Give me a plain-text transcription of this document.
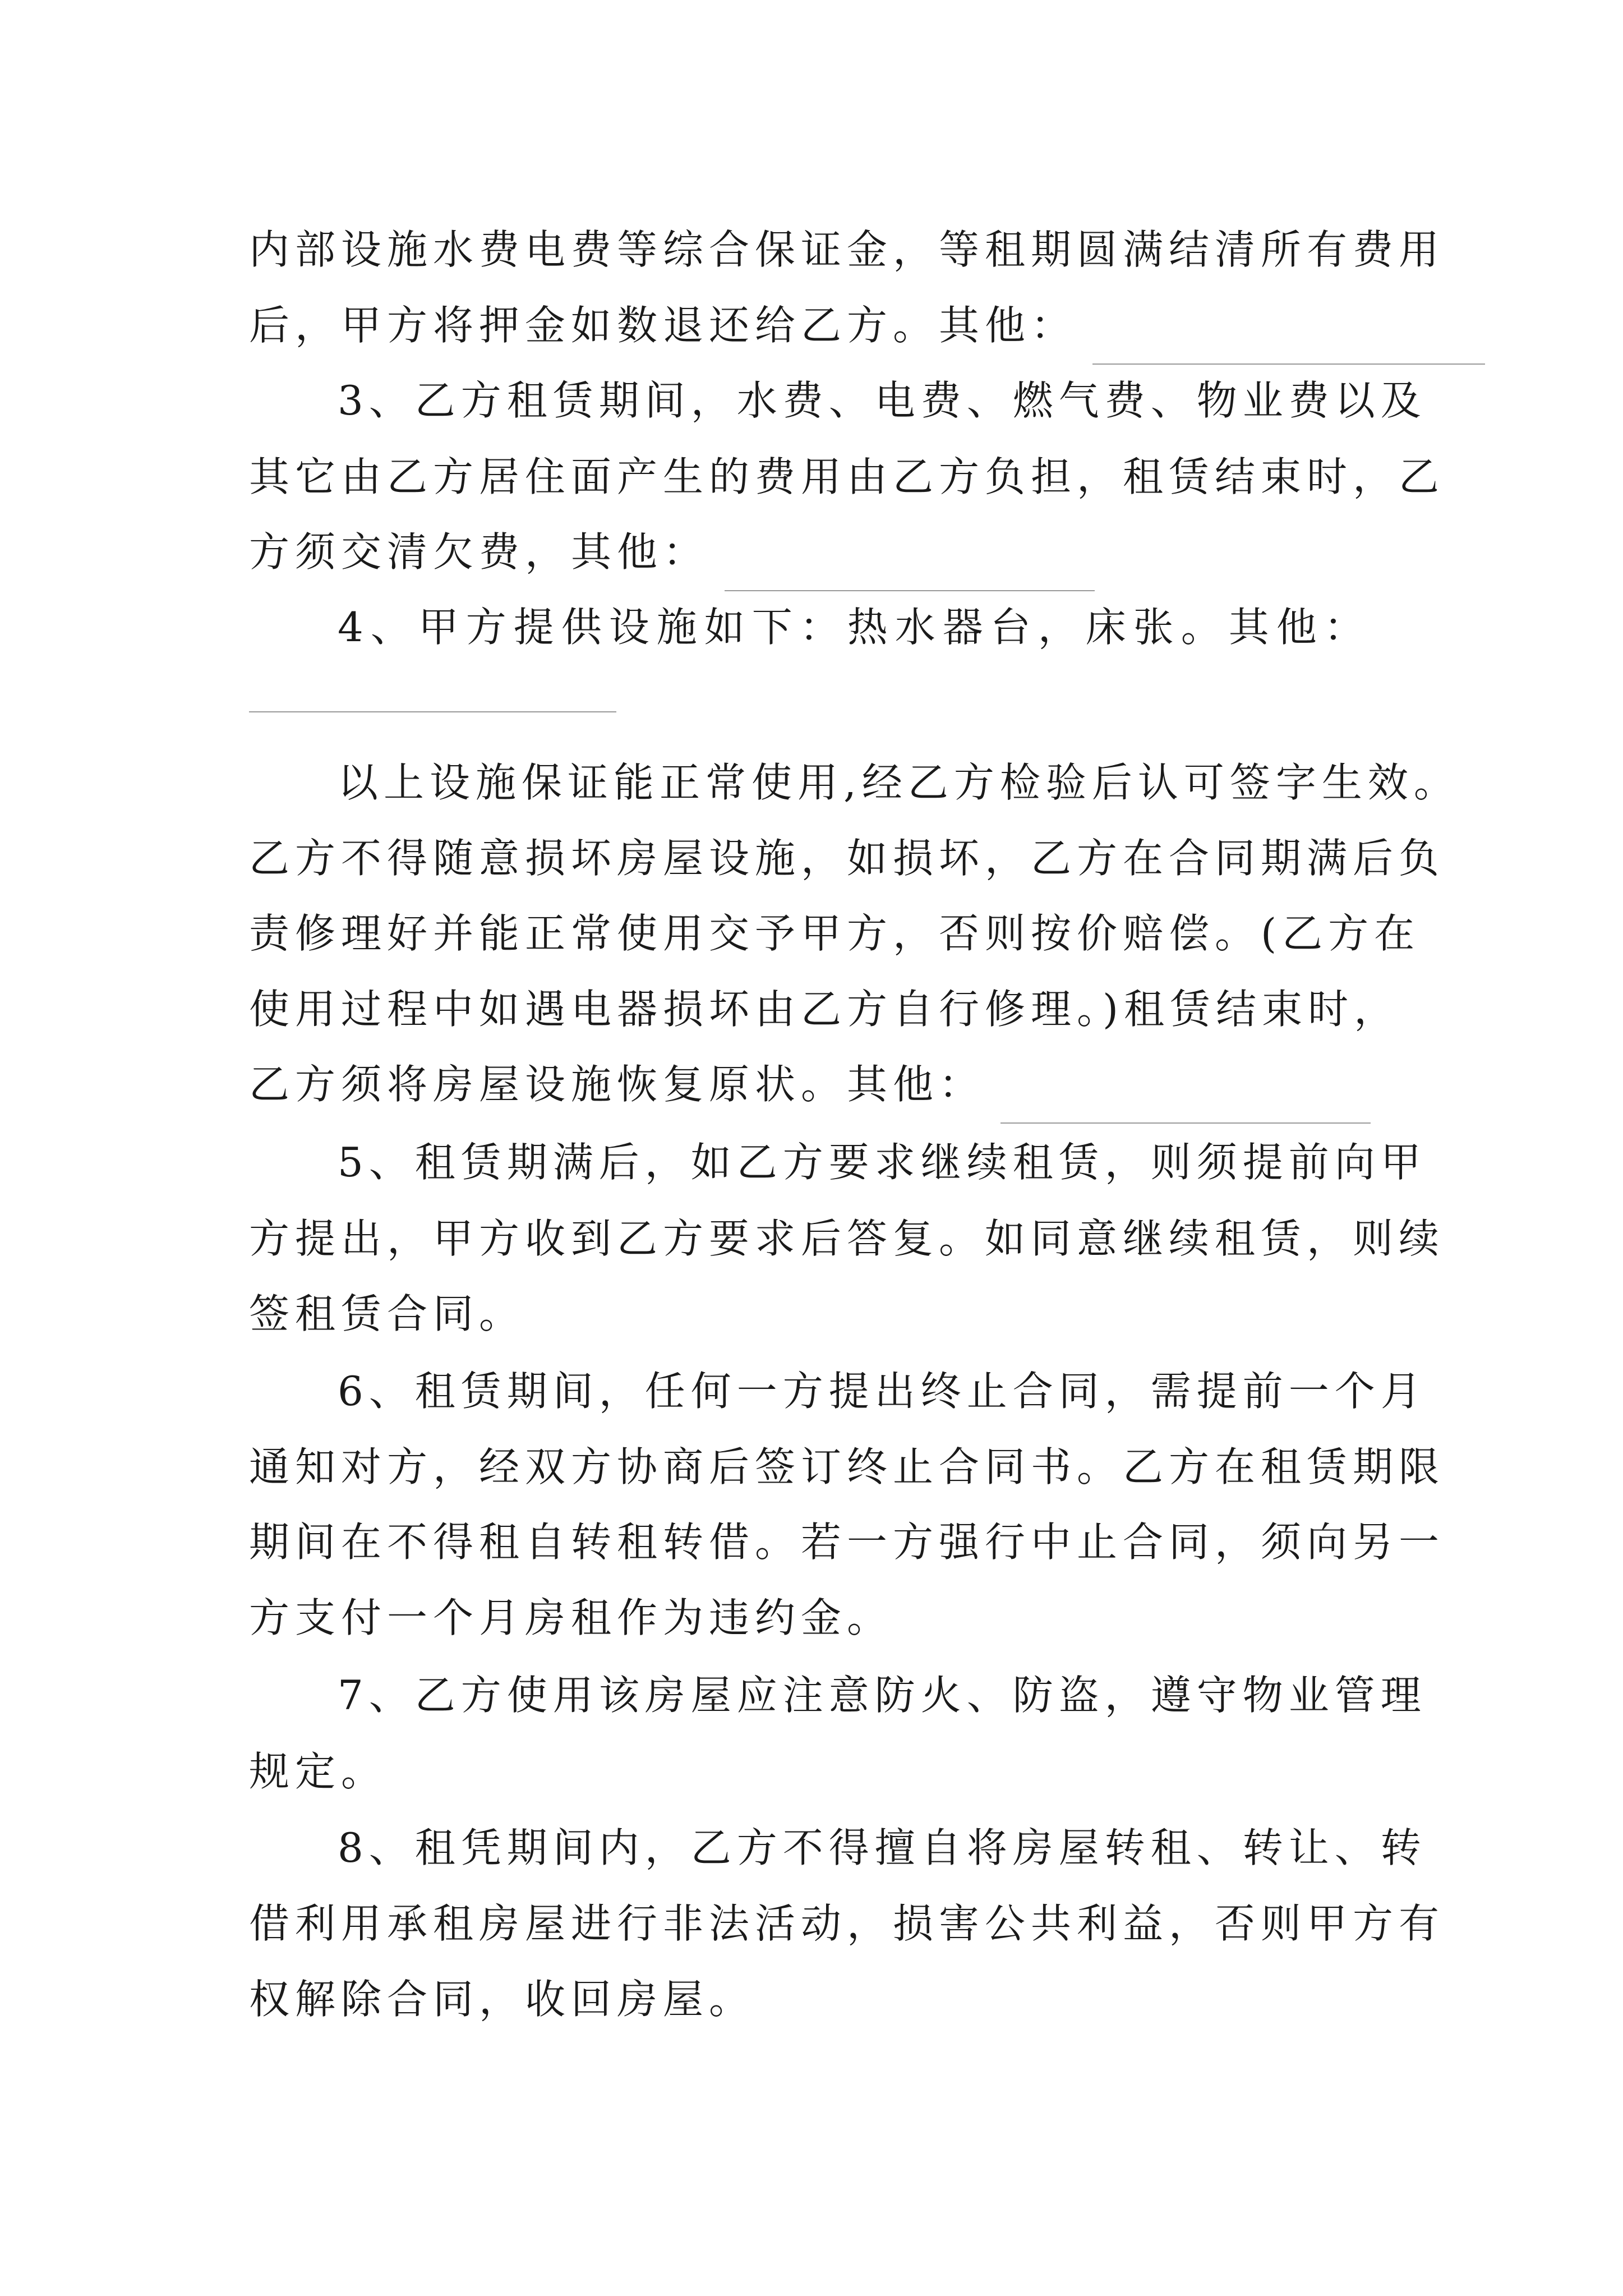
内部设施水费电费等综合保证金，等租期圆满结清所有费用
后，甲方将押金如数退还给乙方。其他：
3、乙方租赁期间，水费、电费、燃气费、物业费以及
其它由乙方居住面产生的费用由乙方负担，租赁结束时，乙
方须交清欠费，其他：
4、甲方提供设施如下：热水器台，床张。其他：
以上设施保证能正常使用,经乙方检验后认可签字生效。
乙方不得随意损坏房屋设施，如损坏，乙方在合同期满后负
责修理好并能正常使用交予甲方，否则按价赔偿。(乙方在
使用过程中如遇电器损坏由乙方自行修理。)租赁结束时，
乙方须将房屋设施恢复原状。其他：
5、租赁期满后，如乙方要求继续租赁，则须提前向甲
方提出，甲方收到乙方要求后答复。如同意继续租赁，则续
签租赁合同。
6、租赁期间，任何一方提出终止合同，需提前一个月
通知对方，经双方协商后签订终止合同书。乙方在租赁期限
期间在不得租自转租转借。若一方强行中止合同，须向另一
方支付一个月房租作为违约金。
7、乙方使用该房屋应注意防火、防盗，遵守物业管理
规定。
8、租凭期间内，乙方不得擅自将房屋转租、转让、转
借利用承租房屋进行非法活动，损害公共利益，否则甲方有
权解除合同，收回房屋。
